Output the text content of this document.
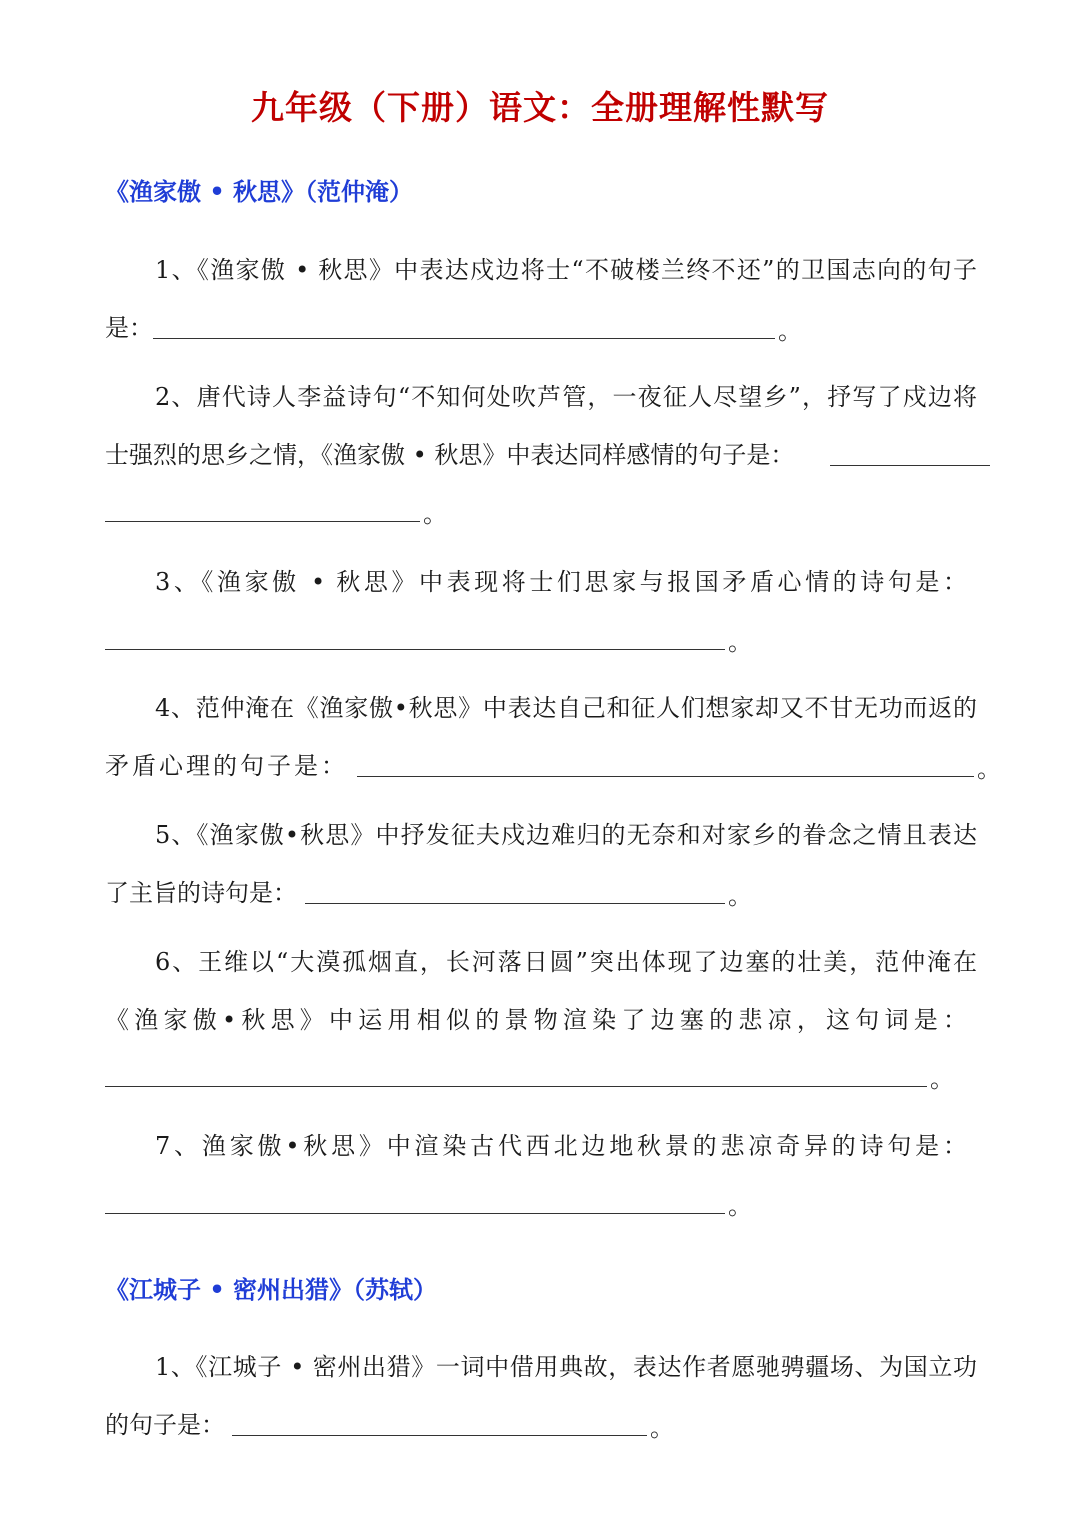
九年级（下册）语文：全册理解性默写
《渔家傲 • 秋思》（范仲淹）
1、《渔家傲 • 秋思》中表达戍边将士“不破楼兰终不还”的卫国志向的句子
是：	。
2、唐代诗人李益诗句“不知何处吹芦管，一夜征人尽望乡”，抒写了戍边将
士强烈的思乡之情，《渔家傲 • 秋思》中表达同样感情的句子是：
。
3、《渔家傲 • 秋思》中表现将士们思家与报国矛盾心情的诗句是：
。
4、范仲淹在《渔家傲•秋思》中表达自己和征人们想家却又不甘无功而返的
矛盾心理的句子是：	。
5、《渔家傲•秋思》中抒发征夫戍边难归的无奈和对家乡的眷念之情且表达
了主旨的诗句是：	。
6、王维以“大漠孤烟直，长河落日圆”突出体现了边塞的壮美，范仲淹在
《渔家傲•秋思》中运用相似的景物渲染了边塞的悲凉，这句词是：
。
7、渔家傲•秋思》中渲染古代西北边地秋景的悲凉奇异的诗句是：
。
《江城子 • 密州出猎》（苏轼）
1、《江城子 • 密州出猎》一词中借用典故，表达作者愿驰骋疆场、为国立功
的句子是：	。
